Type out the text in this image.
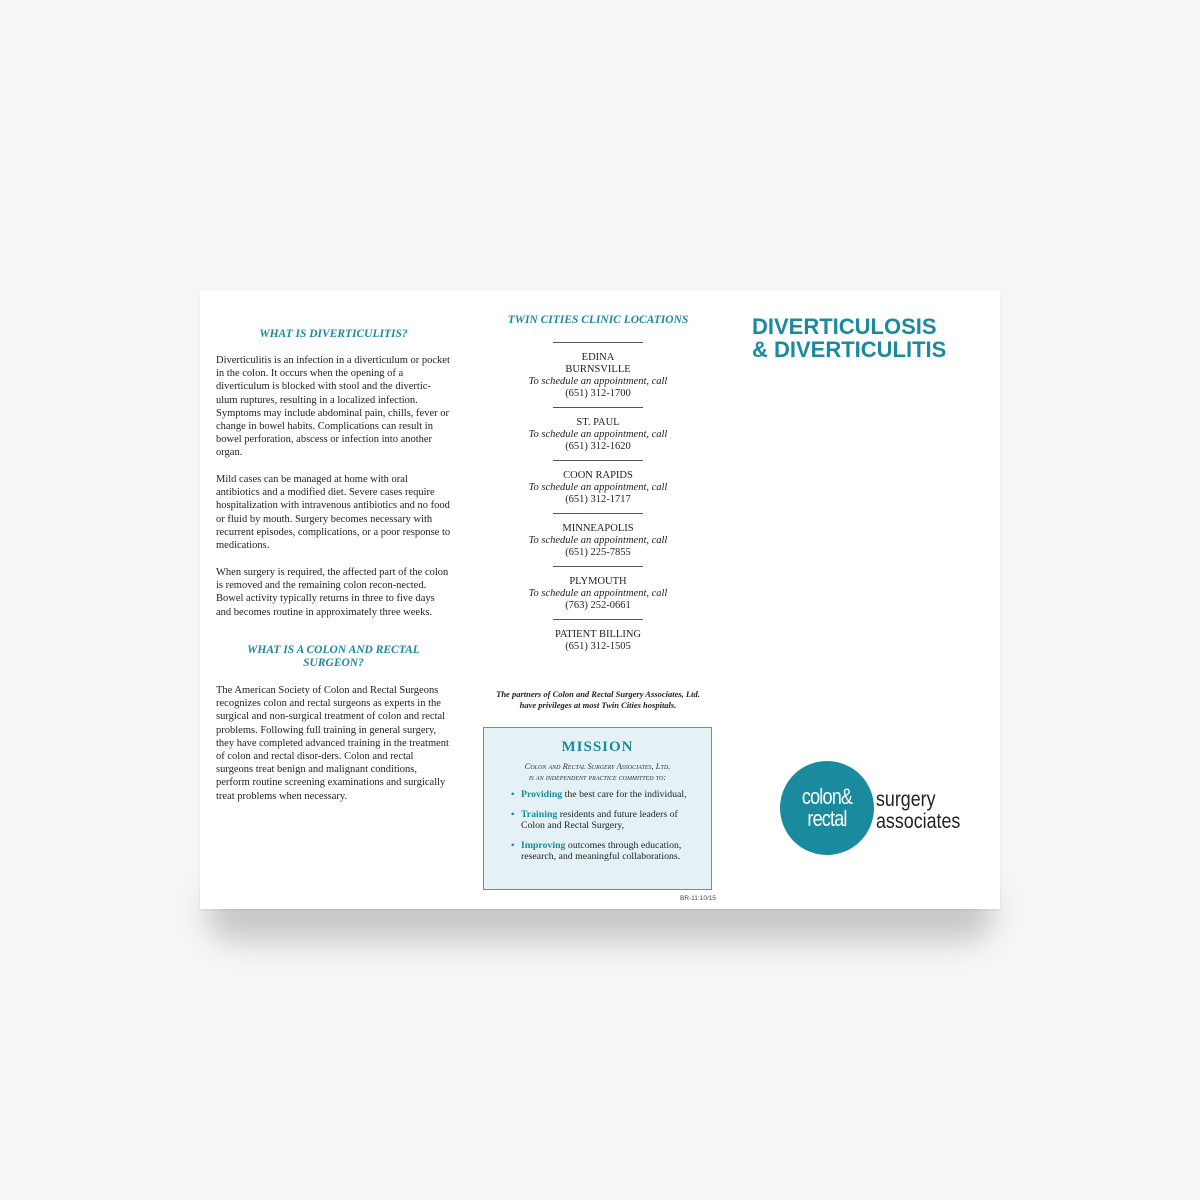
WHAT IS DIVERTICULITIS?

Diverticulitis is an infection in a diverticulum or pocket in the colon. It occurs when the opening of a diverticulum is blocked with stool and the divertic-ulum ruptures, resulting in a localized infection. Symptoms may include abdominal pain, chills, fever or change in bowel habits. Complications can result in bowel perforation, abscess or infection into another organ.

Mild cases can be managed at home with oral antibiotics and a modified diet. Severe cases require hospitalization with intravenous antibiotics and no food or fluid by mouth. Surgery becomes necessary with recurrent episodes, complications, or a poor response to medications.

When surgery is required, the affected part of the colon is removed and the remaining colon recon-nected. Bowel activity typically returns in three to five days and becomes routine in approximately three weeks.

WHAT IS A COLON AND RECTAL SURGEON?

The American Society of Colon and Rectal Surgeons recognizes colon and rectal surgeons as experts in the surgical and non-surgical treatment of colon and rectal problems. Following full training in general surgery, they have completed advanced training in the treatment of colon and rectal disor-ders. Colon and rectal surgeons treat benign and malignant conditions, perform routine screening examinations and surgically treat problems when necessary.

TWIN CITIES CLINIC LOCATIONS

EDINA
BURNSVILLE
To schedule an appointment, call
(651) 312-1700
ST. PAUL
To schedule an appointment, call
(651) 312-1620
COON RAPIDS
To schedule an appointment, call
(651) 312-1717
MINNEAPOLIS
To schedule an appointment, call
(651) 225-7855
PLYMOUTH
To schedule an appointment, call
(763) 252-0661
PATIENT BILLING
(651) 312-1505
The partners of Colon and Rectal Surgery Associates, Ltd.
have privileges at most Twin Cities hospitals.
MISSION
Colon and Rectal Surgery Associates, Ltd.
is an independent practice committed to:
• Providing the best care for the individual,
• Training residents and future leaders of Colon and Rectal Surgery,
• Improving outcomes through education, research, and meaningful collaborations.
BR-11:10/15
DIVERTICULOSIS
& DIVERTICULITIS
colon&
rectal
surgery
associates
